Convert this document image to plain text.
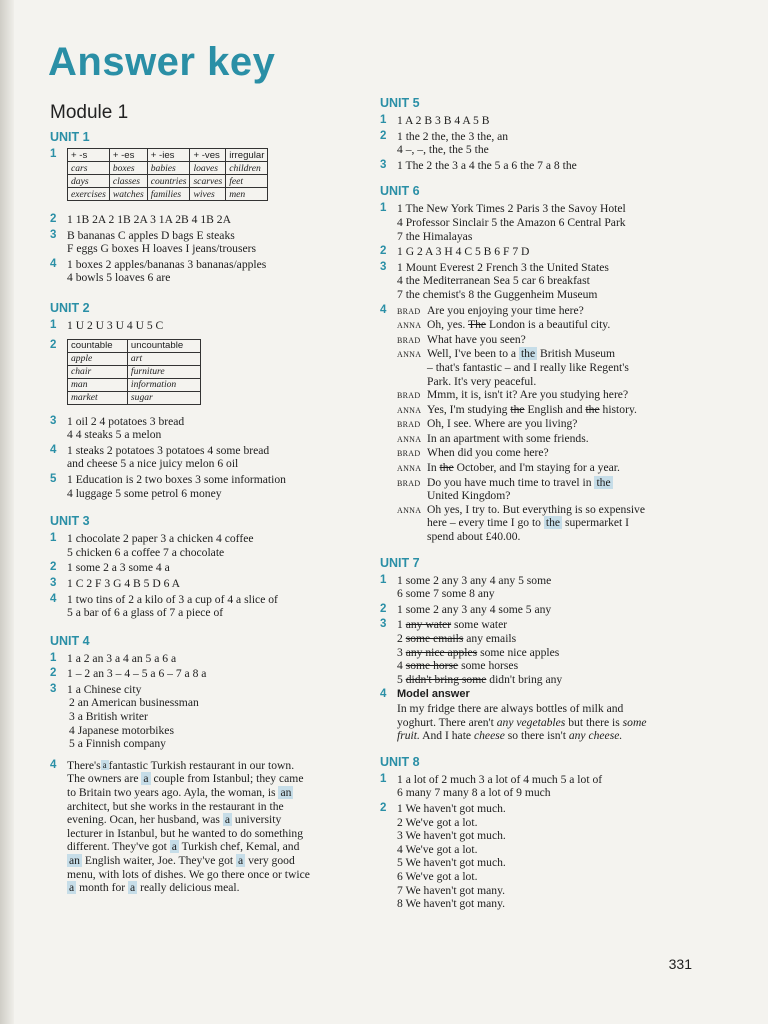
Answer key
Module 1
UNIT 1
1	+ -s	+ -es	+ -ies	+ -ves	irregular
cars	boxes	babies	loaves	children
days	classes	countries	scarves	feet
exercises	watches	families	wives	men
2 1 1B 2A 2 1B 2A 3 1A 2B 4 1B 2A
3 B bananas C apples D bags E steaks
F eggs G boxes H loaves I jeans/trousers
4 1 boxes 2 apples/bananas 3 bananas/apples
4 bowls 5 loaves 6 are
UNIT 2
1 1 U 2 U 3 U 4 U 5 C
2	countable	uncountable
apple	art
chair	furniture
man	information
market	sugar
3 1 oil 2 4 potatoes 3 bread
4 4 steaks 5 a melon
4 1 steaks 2 potatoes 3 potatoes 4 some bread
and cheese 5 a nice juicy melon 6 oil
5 1 Education is 2 two boxes 3 some information
4 luggage 5 some petrol 6 money
UNIT 3
1 1 chocolate 2 paper 3 a chicken 4 coffee
5 chicken 6 a coffee 7 a chocolate
2 1 some 2 a 3 some 4 a
3 1 C 2 F 3 G 4 B 5 D 6 A
4 1 two tins of 2 a kilo of 3 a cup of 4 a slice of
5 a bar of 6 a glass of 7 a piece of
UNIT 4
1 1 a 2 an 3 a 4 an 5 a 6 a
2 1 – 2 an 3 – 4 – 5 a 6 – 7 a 8 a
3 1 a Chinese city
2 an American businessman
3 a British writer
4 Japanese motorbikes
5 a Finnish company
4 There's $^a$ fantastic Turkish restaurant in our town.
The owners are a couple from Istanbul; they came
to Britain two years ago. Ayla, the woman, is an
architect, but she works in the restaurant in the
evening. Ocan, her husband, was a university
lecturer in Istanbul, but he wanted to do something
different. They've got a Turkish chef, Kemal, and
an English waiter, Joe. They've got a very good
menu, with lots of dishes. We go there once or twice
a month for a really delicious meal.
UNIT 5
1 1 A 2 B 3 B 4 A 5 B
2 1 the 2 the, the 3 the, an
4 –, –, the, the 5 the
3 1 The 2 the 3 a 4 the 5 a 6 the 7 a 8 the
UNIT 6
1 1 The New York Times 2 Paris 3 the Savoy Hotel
4 Professor Sinclair 5 the Amazon 6 Central Park
7 the Himalayas
2 1 G 2 A 3 H 4 C 5 B 6 F 7 D
3 1 Mount Everest 2 French 3 the United States
4 the Mediterranean Sea 5 car 6 breakfast
7 the chemist's 8 the Guggenheim Museum
4	BRAD Are you enjoying your time here?
ANNA Oh, yes. The London is a beautiful city.
BRAD What have you seen?
ANNA Well, I've been to a the British Museum
– that's fantastic – and I really like Regent's
Park. It's very peaceful.
BRAD Mmm, it is, isn't it? Are you studying here?
ANNA Yes, I'm studying the English and the history.
BRAD Oh, I see. Where are you living?
ANNA In an apartment with some friends.
BRAD When did you come here?
ANNA In the October, and I'm staying for a year.
BRAD Do you have much time to travel in the
United Kingdom?
ANNA Oh yes, I try to. But everything is so expensive
here – every time I go to the supermarket I
spend about £40.00.
UNIT 7
1 1 some 2 any 3 any 4 any 5 some
6 some 7 some 8 any
2 1 some 2 any 3 any 4 some 5 any
3 1 any water some water
2 some emails any emails
3 any nice apples some nice apples
4 some horse some horses
5 didn't bring some didn't bring any
4 Model answer
In my fridge there are always bottles of milk and
yoghurt. There aren't any vegetables but there is some
fruit. And I hate cheese so there isn't any cheese.
UNIT 8
1 1 a lot of 2 much 3 a lot of 4 much 5 a lot of
6 many 7 many 8 a lot of 9 much
2 1 We haven't got much.
2 We've got a lot.
3 We haven't got much.
4 We've got a lot.
5 We haven't got much.
6 We've got a lot.
7 We haven't got many.
8 We haven't got many.
331
